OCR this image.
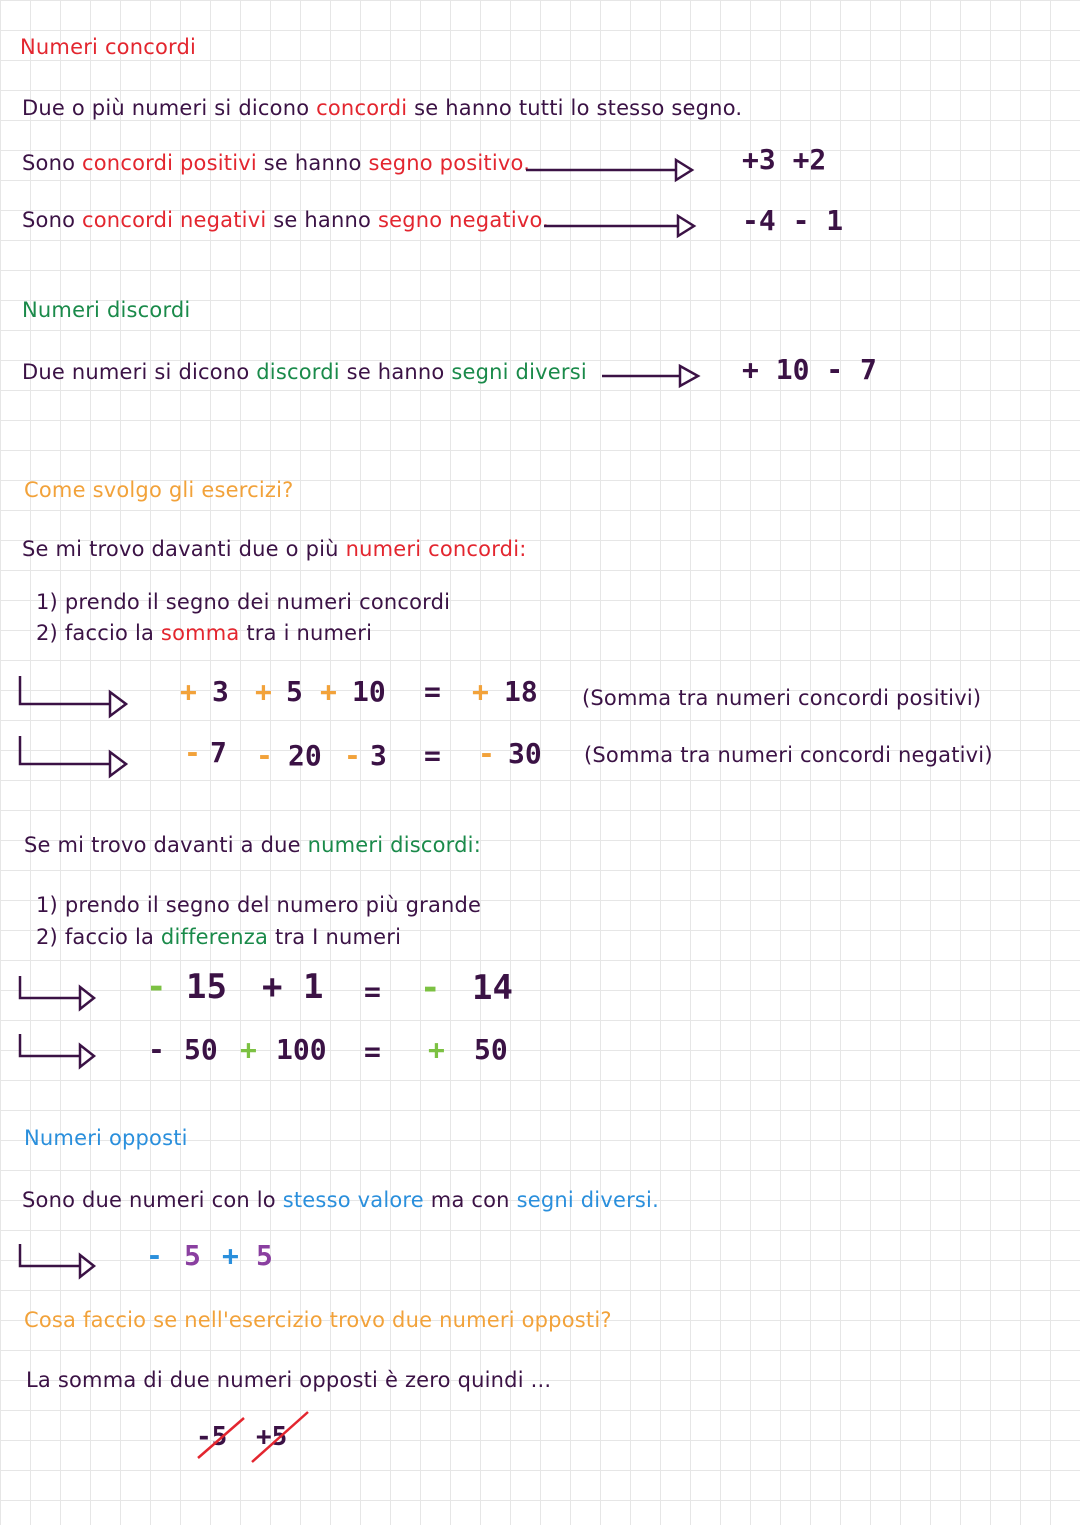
Numeri concordi
Due o più numeri si dicono concordi se hanno tutti lo stesso segno.
Sono concordi positivi se hanno segno positivo.	+3 +2
Sono concordi negativi se hanno segno negativo.	-4 - 1
Numeri discordi
Due numeri si dicono discordi se hanno segni diversi	+ 10 - 7
Come svolgo gli esercizi?
Se mi trovo davanti due o più numeri concordi:
1) prendo il segno dei numeri concordi
2) faccio la somma tra i numeri
+ 3 + 5 + 10 = + 18 (Somma tra numeri concordi positivi)
- 7 - 20 - 3 = - 30 (Somma tra numeri concordi negativi)
Se mi trovo davanti a due numeri discordi:
1) prendo il segno del numero più grande
2) faccio la differenza tra I numeri
- 15 + 1 = - 14
- 50 + 100 = + 50
Numeri opposti
Sono due numeri con lo stesso valore ma con segni diversi.
- 5 + 5
Cosa faccio se nell'esercizio trovo due numeri opposti?
La somma di due numeri opposti è zero quindi ...
-5 +5
